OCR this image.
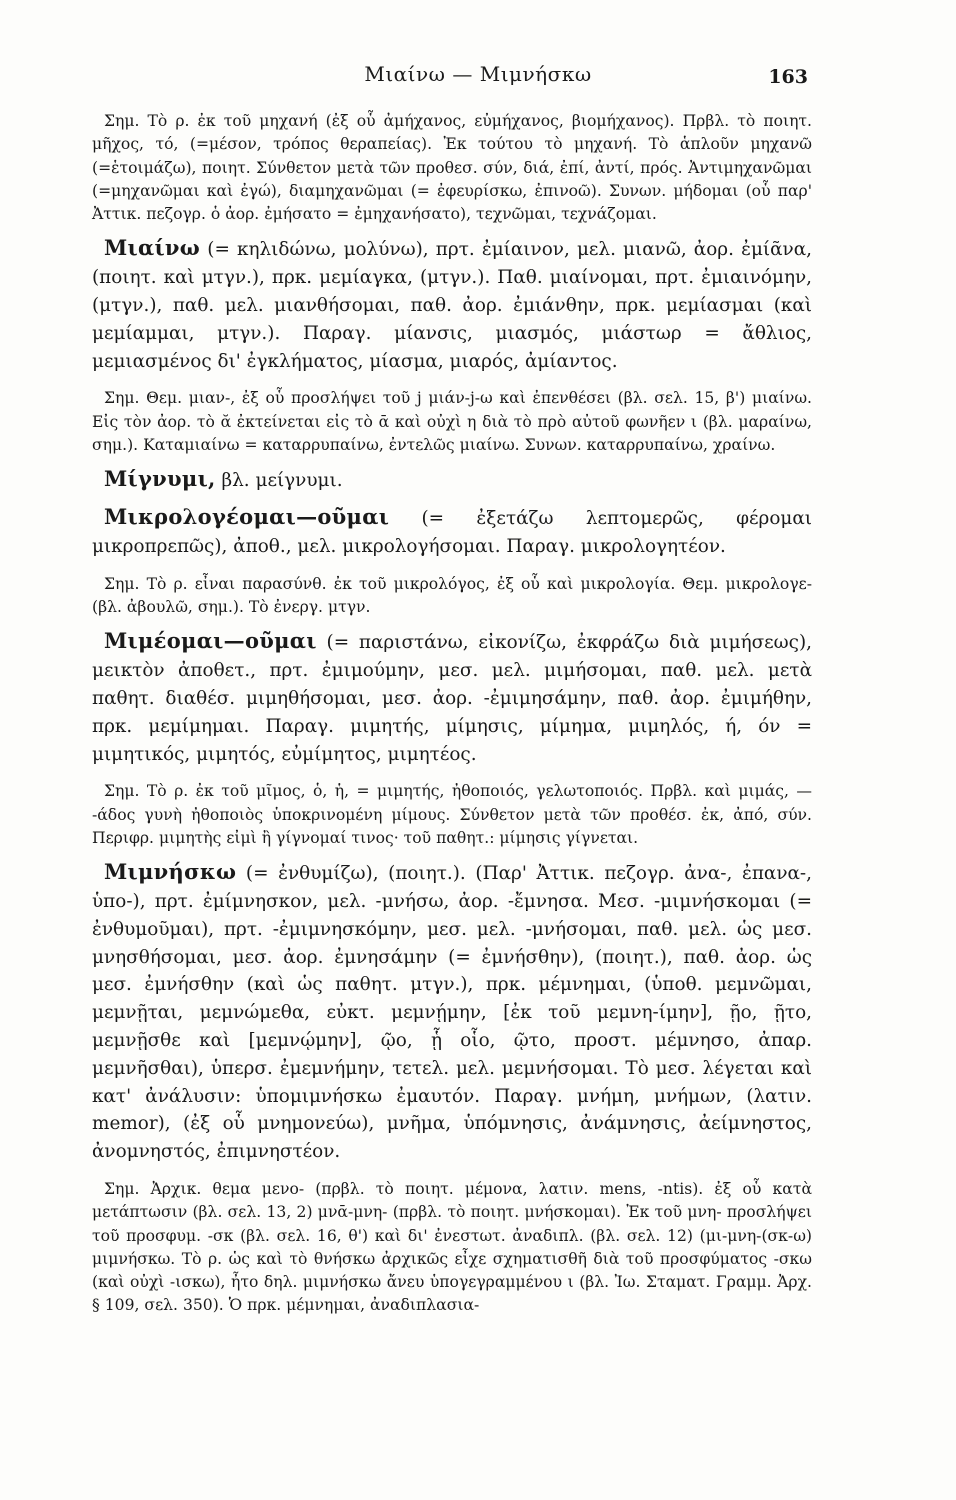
Μιαίνω — Μιμνήσκω	163

Σημ. Τὸ ρ. ἐκ τοῦ μηχανή (ἐξ οὗ ἀμήχανος, εὐμήχανος, βιομήχανος). Πρβλ. τὸ ποιητ. μῆχος, τό, (=μέσον, τρόπος θεραπείας). Ἐκ τούτου τὸ μηχανή. Τὸ ἁπλοῦν μηχανῶ (=ἑτοιμάζω), ποιητ. Σύνθετον μετὰ τῶν προθεσ. σύν, διά, ἐπί, ἀντί, πρός. Ἀντιμηχανῶμαι (=μηχανῶμαι καὶ ἐγώ), διαμηχανῶμαι (= ἐφευρίσκω, ἐπινοῶ). Συνων. μήδομαι (οὗ παρ' Ἀττικ. πεζογρ. ὁ ἀορ. ἐμήσατο = ἐμηχανήσατο), τεχνῶμαι, τεχνάζομαι.

Μιαίνω (= κηλιδώνω, μολύνω), πρτ. ἐμίαινον, μελ. μιανῶ, ἀορ. ἐμίᾶνα, (ποιητ. καὶ μτγν.), πρκ. μεμίαγκα, (μτγν.). Παθ. μιαίνομαι, πρτ. ἐμιαινόμην, (μτγν.), παθ. μελ. μιανθήσομαι, παθ. ἀορ. ἐμιάνθην, πρκ. μεμίασμαι (καὶ μεμίαμμαι, μτγν.). Παραγ. μίανσις, μιασμός, μιάστωρ = ἄθλιος, μεμιασμένος δι' ἐγκλήματος, μίασμα, μιαρός, ἀμίαντος.

Σημ. Θεμ. μιαν-, ἐξ οὗ προσλήψει τοῦ j μιάν-j-ω καὶ ἐπενθέσει (βλ. σελ. 15, β') μιαίνω. Εἰς τὸν ἀορ. τὸ ᾰ ἐκτείνεται εἰς τὸ ᾱ καὶ οὐχὶ η διὰ τὸ πρὸ αὐτοῦ φωνῆεν ι (βλ. μαραίνω, σημ.). Καταμιαίνω = καταρρυπαίνω, ἐντελῶς μιαίνω. Συνων. καταρρυπαίνω, χραίνω.

Μίγνυμι, βλ. μείγνυμι.

Μικρολογέομαι—οῦμαι (= ἐξετάζω λεπτομερῶς, φέρομαι μικροπρεπῶς), ἀποθ., μελ. μικρολογήσομαι. Παραγ. μικρολογητέον.

Σημ. Τὸ ρ. εἶναι παρασύνθ. ἐκ τοῦ μικρολόγος, ἐξ οὗ καὶ μικρολογία. Θεμ. μικρολογε- (βλ. ἀβουλῶ, σημ.). Τὸ ἐνεργ. μτγν.

Μιμέομαι—οῦμαι (= παριστάνω, εἰκονίζω, ἐκφράζω διὰ μιμήσεως), μεικτὸν ἀποθετ., πρτ. ἐμιμούμην, μεσ. μελ. μιμήσομαι, παθ. μελ. μετὰ παθητ. διαθέσ. μιμηθήσομαι, μεσ. ἀορ. -ἐμιμησάμην, παθ. ἀορ. ἐμιμήθην, πρκ. μεμίμημαι. Παραγ. μιμητής, μίμησις, μίμημα, μιμηλός, ή, όν = μιμητικός, μιμητός, εὐμίμητος, μιμητέος.

Σημ. Τὸ ρ. ἐκ τοῦ μῖμος, ὁ, ἡ, = μιμητής, ἠθοποιός, γελωτοποιός. Πρβλ. καὶ μιμάς, — -άδος γυνὴ ἠθοποιὸς ὑποκρινομένη μίμους. Σύνθετον μετὰ τῶν προθέσ. ἐκ, ἀπό, σύν. Περιφρ. μιμητὴς εἰμὶ ἢ γίγνομαί τινος· τοῦ παθητ.: μίμησις γίγνεται.

Μιμνήσκω (= ἐνθυμίζω), (ποιητ.). (Παρ' Ἀττικ. πεζογρ. ἀνα-, ἐπανα-, ὑπο-), πρτ. ἐμίμνησκον, μελ. -μνήσω, ἀορ. -ἔμνησα. Μεσ. -μιμνήσκομαι (= ἐνθυμοῦμαι), πρτ. -ἐμιμνησκόμην, μεσ. μελ. -μνήσομαι, παθ. μελ. ὡς μεσ. μνησθήσομαι, μεσ. ἀορ. ἐμνησάμην (= ἐμνήσθην), (ποιητ.), παθ. ἀορ. ὡς μεσ. ἐμνήσθην (καὶ ὡς παθητ. μτγν.), πρκ. μέμνημαι, (ὑποθ. μεμνῶμαι, μεμνῇται, μεμνώμεθα, εὐκτ. μεμνῄμην, [ἐκ τοῦ μεμνη-ίμην], ῇο, ῇτο, μεμνῇσθε καὶ [μεμνῴμην], ῷο, ᾗ οἷο, ῷτο, προστ. μέμνησο, ἀπαρ. μεμνῆσθαι), ὑπερσ. ἐμεμνήμην, τετελ. μελ. μεμνήσομαι. Τὸ μεσ. λέγεται καὶ κατ' ἀνάλυσιν: ὑπομιμνήσκω ἐμαυτόν. Παραγ. μνήμη, μνήμων, (λατιν. memor), (ἐξ οὗ μνημονεύω), μνῆμα, ὑπόμνησις, ἀνάμνησις, ἀείμνηστος, ἀνομνηστός, ἐπιμνηστέον.

Σημ. Ἀρχικ. θεμα μενο- (πρβλ. τὸ ποιητ. μέμονα, λατιν. mens, -ntis). ἐξ οὗ κατὰ μετάπτωσιν (βλ. σελ. 13, 2) μνᾱ-μνη- (πρβλ. τὸ ποιητ. μνήσκομαι). Ἐκ τοῦ μνη- προσλήψει τοῦ προσφυμ. -σκ (βλ. σελ. 16, θ') καὶ δι' ἐνεστωτ. ἀναδιπλ. (βλ. σελ. 12) (μι-μνη-(σκ-ω) μιμνήσκω. Τὸ ρ. ὡς καὶ τὸ θνήσκω ἀρχικῶς εἶχε σχηματισθῆ διὰ τοῦ προσφύματος -σκω (καὶ οὐχὶ -ισκω), ἦτο δηλ. μιμνήσκω ἄνευ ὑπογεγραμμένου ι (βλ. Ἰω. Σταματ. Γραμμ. Ἀρχ. § 109, σελ. 350). Ὁ πρκ. μέμνημαι, ἀναδιπλασια-
